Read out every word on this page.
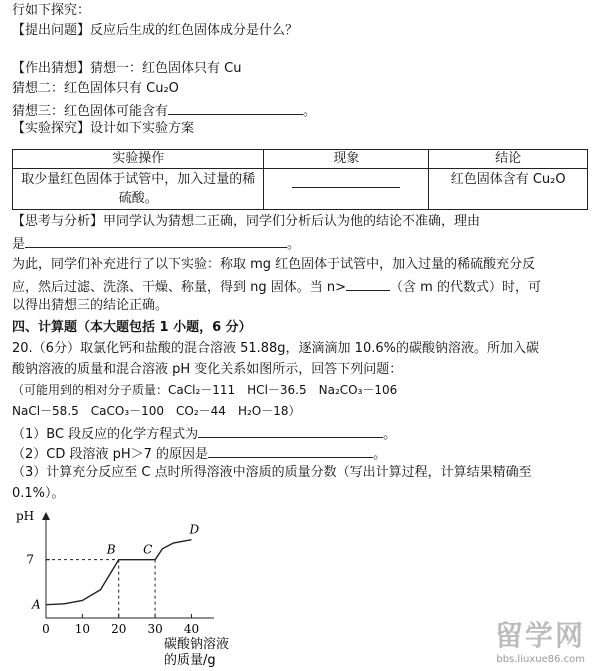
行如下探究：
【提出问题】反应后生成的红色固体成分是什么？
【作出猜想】猜想一：红色固体只有 Cu
猜想二：红色固体只有 Cu₂O
猜想三：红色固体可能含有	。
【实验探究】设计如下实验方案
实验操作	现象	结论
取少量红色固体于试管中，加入过量的稀硫酸。		红色固体含有 Cu₂O
【思考与分析】甲同学认为猜想二正确，同学们分析后认为他的结论不准确，理由
是	。
为此，同学们补充进行了以下实验：称取 mg 红色固体于试管中，加入过量的稀硫酸充分反
应，然后过滤、洗涤、干燥、称量，得到 ng 固体。当 n>	（含 m 的代数式）时，可
以得出猜想三的结论正确。
四、计算题（本大题包括 1 小题，6 分）
20.（6分）取氯化钙和盐酸的混合溶液 51.88g，逐滴滴加 10.6%的碳酸钠溶液。所加入碳
酸钠溶液的质量和混合溶液 pH 变化关系如图所示，回答下列问题：
（可能用到的相对分子质量：CaCl₂－111　HCl－36.5　Na₂CO₃－106
NaCl－58.5　CaCO₃－100　CO₂－44　H₂O－18）
（1）BC 段反应的化学方程式为	。
（2）CD 段溶液 pH＞7 的原因是	。
（3）计算充分反应至 C 点时所得溶液中溶质的质量分数（写出计算过程，计算结果精确至
0.1%）。
0 10 20 30 40
7
A
B C
D
pH
碳酸钠溶液
的质量/g
留学网
bbs.liuxue86.com
